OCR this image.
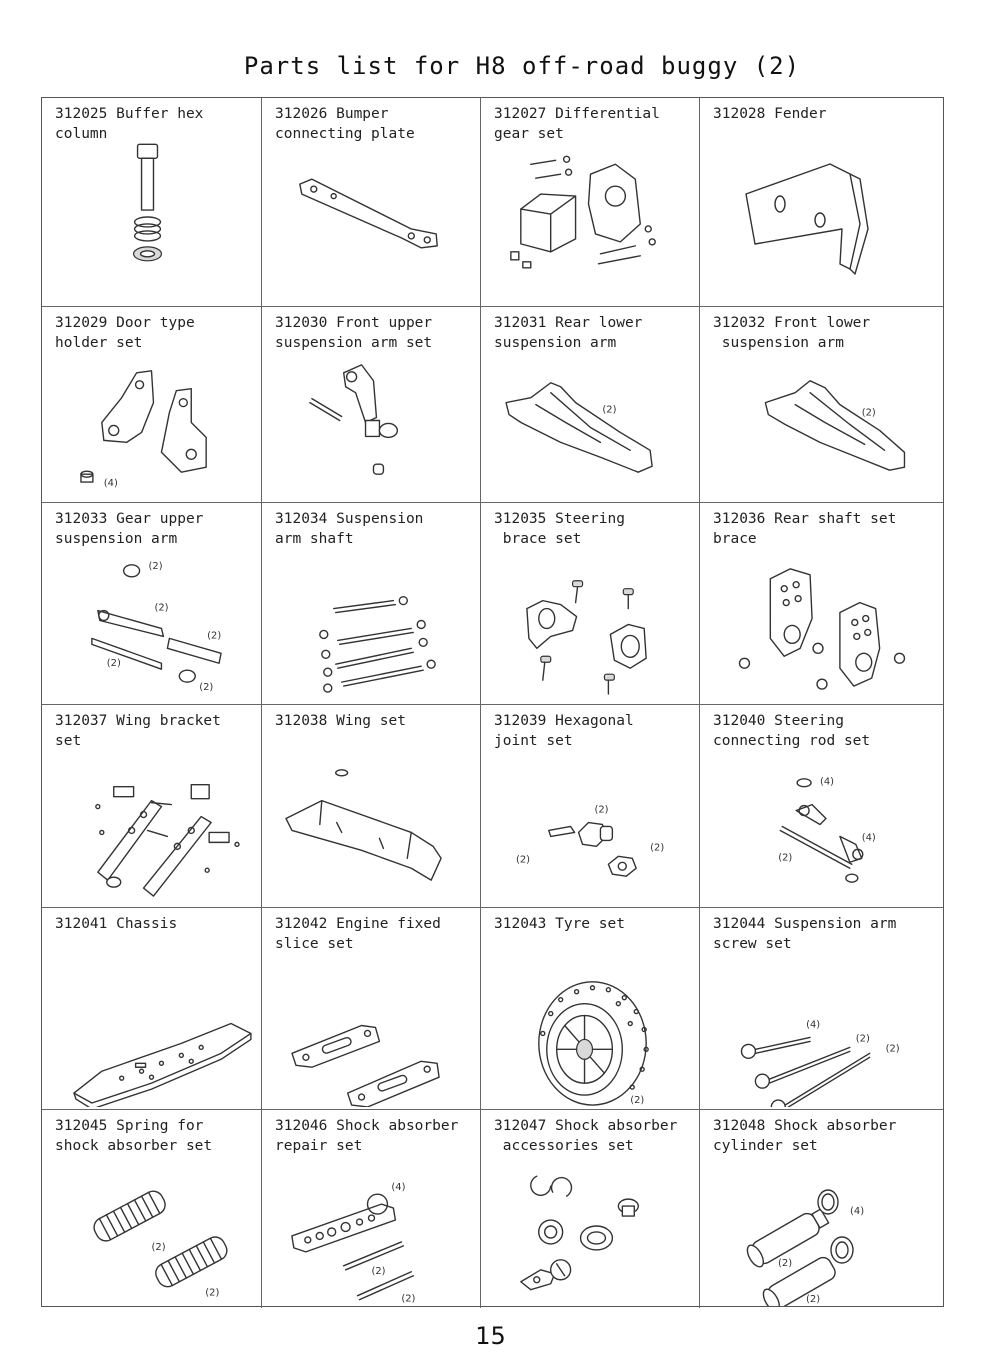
Parts list for H8 off-road buggy (2)
312025 Buffer hex
column
312026 Bumper
connecting plate
312027 Differential
gear set
312028 Fender
312029 Door type
holder set
(4)
312030 Front upper
suspension arm set
312031 Rear lower
suspension arm
(2)
312032 Front lower
suspension arm
(2)
312033 Gear upper
suspension arm
(2)
(2)
(2)
(2)
(2)
312034 Suspension
arm shaft
312035 Steering
brace set
312036 Rear shaft set
brace
312037 Wing bracket
set
312038 Wing set	312039 Hexagonal
joint set
(2)
(2)
(2)
312040 Steering
connecting rod set
(4)
(2)
(4)
312041 Chassis	312042 Engine fixed
slice set
312043 Tyre set
(2)
312044 Suspension arm
screw set
(4)
(2)
(2)
312045 Spring for
shock absorber set
(2)
(2)
312046 Shock absorber
repair set
(4)
(2)
(2)
312047 Shock absorber
accessories set
312048 Shock absorber
cylinder set
(4)
(2)
(2)
15
